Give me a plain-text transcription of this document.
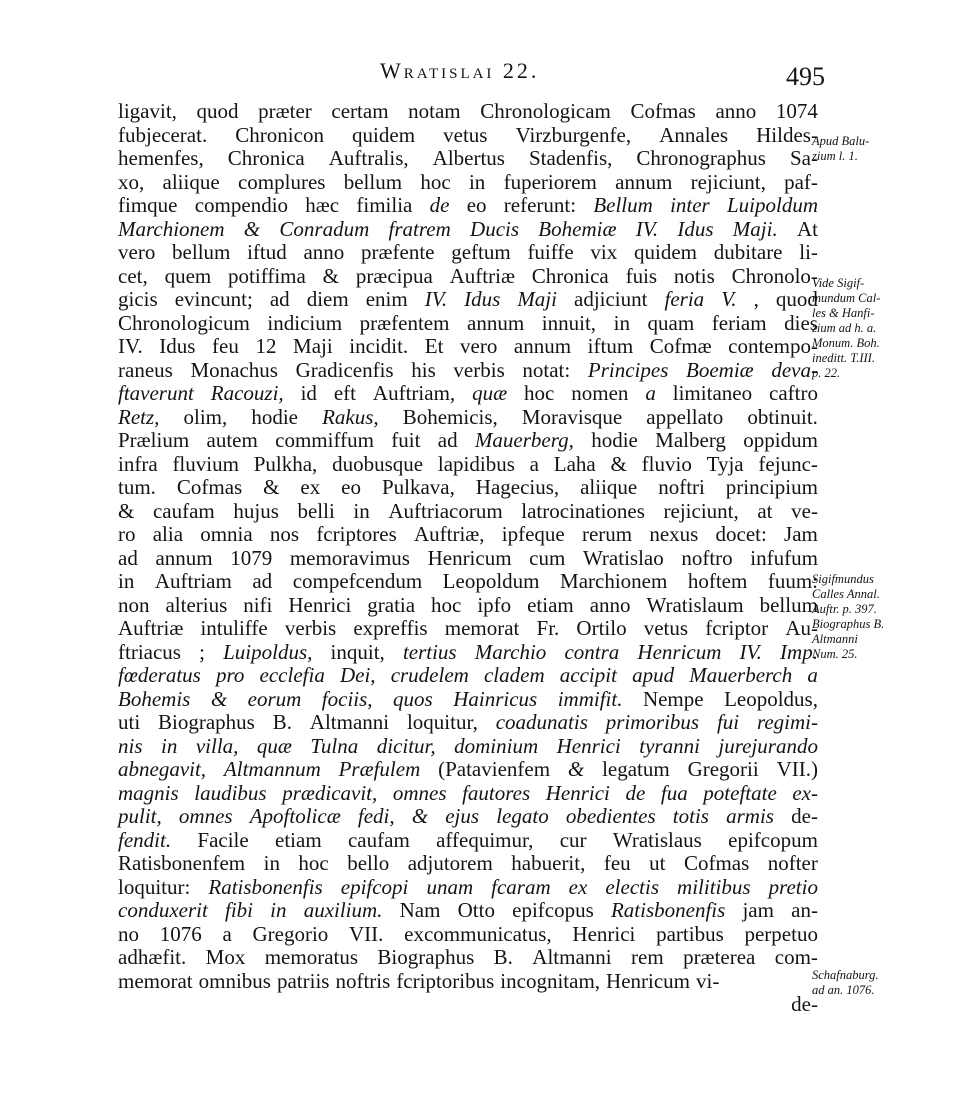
Wratislai 22.	495
ligavit, quod præter certam notam Chronologicam Cofmas anno 1074
fubjecerat. Chronicon quidem vetus Virzburgenfe, Annales Hildes-
hemenfes, Chronica Auftralis, Albertus Stadenfis, Chronographus Sa-
xo, aliique complures bellum hoc in fuperiorem annum rejiciunt, paf-
fimque compendio hæc fimilia de eo referunt: Bellum inter Luipoldum
Marchionem & Conradum fratrem Ducis Bohemiæ IV. Idus Maji. At
vero bellum iftud anno præfente geftum fuiffe vix quidem dubitare li-
cet, quem potiffima & præcipua Auftriæ Chronica fuis notis Chronolo-
gicis evincunt; ad diem enim IV. Idus Maji adjiciunt feria V. , quod
Chronologicum indicium præfentem annum innuit, in quam feriam dies
IV. Idus feu 12 Maji incidit. Et vero annum iftum Cofmæ contempo-
raneus Monachus Gradicenfis his verbis notat: Principes Boemiæ deva-
ftaverunt Racouzi, id eft Auftriam, quæ hoc nomen a limitaneo caftro
Retz, olim, hodie Rakus, Bohemicis, Moravisque appellato obtinuit.
Prælium autem commiffum fuit ad Mauerberg, hodie Malberg oppidum
infra fluvium Pulkha, duobusque lapidibus a Laha & fluvio Tyja fejunc-
tum. Cofmas & ex eo Pulkava, Hagecius, aliique noftri principium
& caufam hujus belli in Auftriacorum latrocinationes rejiciunt, at ve-
ro alia omnia nos fcriptores Auftriæ, ipfeque rerum nexus docet: Jam
ad annum 1079 memoravimus Henricum cum Wratislao noftro infufum
in Auftriam ad compefcendum Leopoldum Marchionem hoftem fuum:
non alterius nifi Henrici gratia hoc ipfo etiam anno Wratislaum bellum
Auftriæ intuliffe verbis expreffis memorat Fr. Ortilo vetus fcriptor Au-
ftriacus ; Luipoldus, inquit, tertius Marchio contra Henricum IV. Imp.
fœderatus pro ecclefia Dei, crudelem cladem accipit apud Mauerberch a
Bohemis & eorum fociis, quos Hainricus immifit. Nempe Leopoldus,
uti Biographus B. Altmanni loquitur, coadunatis primoribus fui regimi-
nis in villa, quæ Tulna dicitur, dominium Henrici tyranni jurejurando
abnegavit, Altmannum Præfulem (Patavienfem & legatum Gregorii VII.)
magnis laudibus prædicavit, omnes fautores Henrici de fua poteftate ex-
pulit, omnes Apoftolicæ fedi, & ejus legato obedientes totis armis de-
fendit. Facile etiam caufam affequimur, cur Wratislaus epifcopum
Ratisbonenfem in hoc bello adjutorem habuerit, feu ut Cofmas nofter
loquitur: Ratisbonenfis epifcopi unam fcaram ex electis militibus pretio
conduxerit fibi in auxilium. Nam Otto epifcopus Ratisbonenfis jam an-
no 1076 a Gregorio VII. excommunicatus, Henrici partibus perpetuo
adhæfit. Mox memoratus Biographus B. Altmanni rem præterea com-
memorat omnibus patriis noftris fcriptoribus incognitam, Henricum vi-
de-
Apud Balu-
zium l. 1.
Vide Sigif-
mundum Cal-
les & Hanfi-
zium ad h. a.
Monum. Boh.
ineditt. T.III.
p. 22.
Sigifmundus
Calles Annal.
Auftr. p. 397.
Biographus B.
Altmanni
Num. 25.
Schafnaburg.
ad an. 1076.
